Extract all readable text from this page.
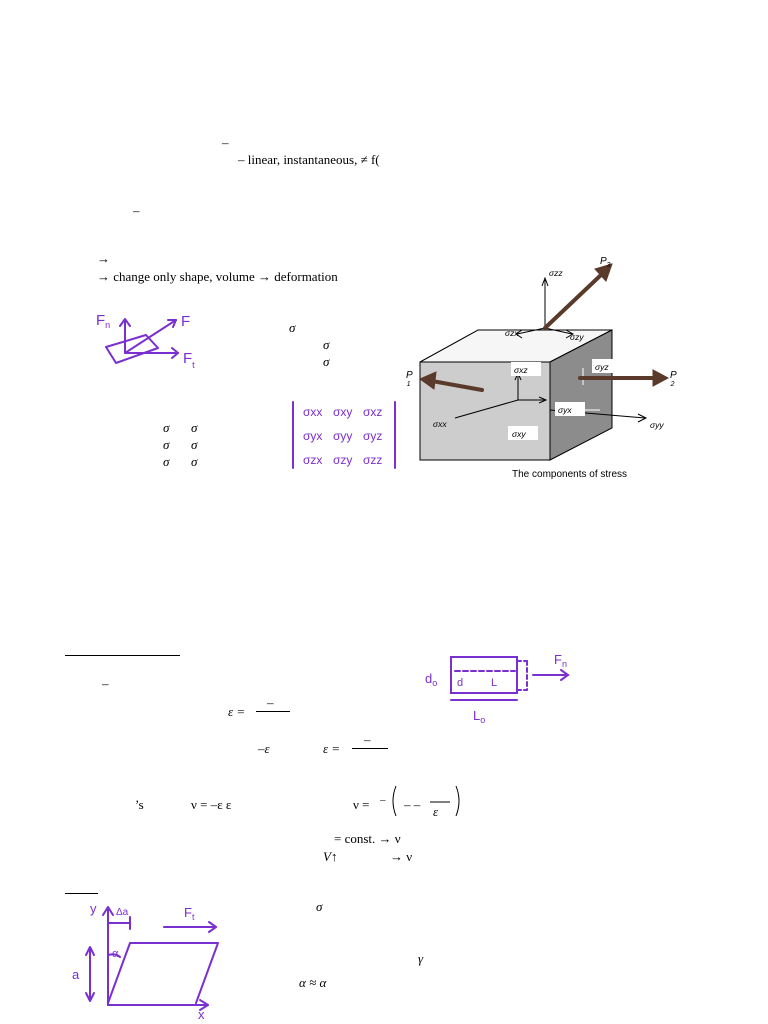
–
– linear, instantaneous, ≠ f(
–
→
→ change only shape, volume → deformation
$F_n$	F
$F_t$
σ
σ
σ
σ σ
σ σ
σ σ
σxx σxy σxz
σyx σyy σyz
σzx σzy σzz
σzz
σzx	σzy
σxz	σyz
σxy
σyx
σxx	σyy
$P_3$
P 1
P 2
The components of stress
–
–
ε =
–ε
–
ε =
$F_n$
$d_o$ d	L
$L_o$
’s	ν = –ε ε	ν = – – – ε
= const. → ν
V↑	→ ν
y
a
α
Δa	$F_t$
x
σ
γ
α ≈ α
